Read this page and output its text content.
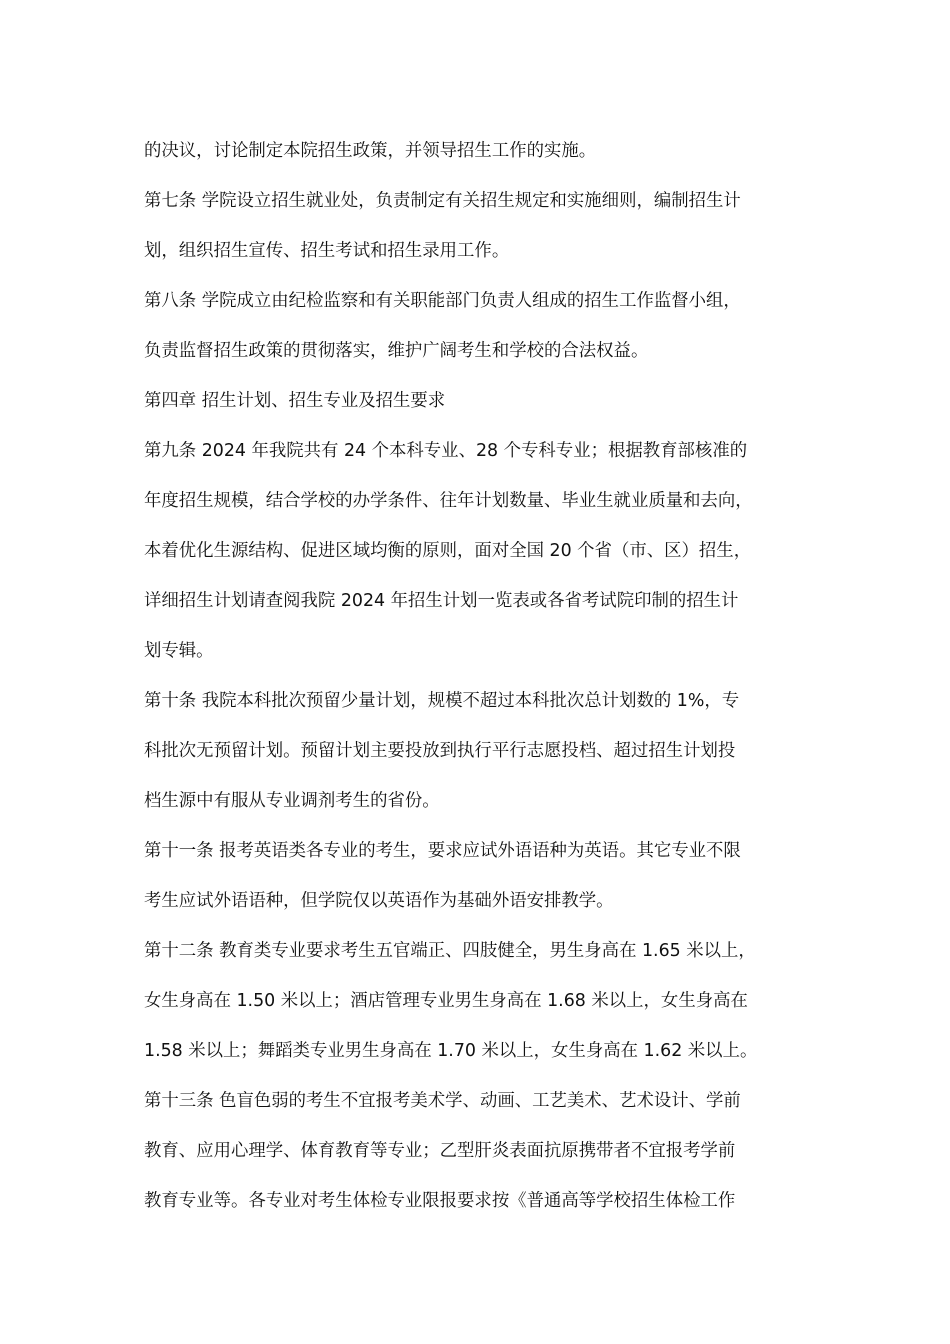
的决议，讨论制定本院招生政策，并领导招生工作的实施。
第七条 学院设立招生就业处，负责制定有关招生规定和实施细则，编制招生计
划，组织招生宣传、招生考试和招生录用工作。
第八条 学院成立由纪检监察和有关职能部门负责人组成的招生工作监督小组，
负责监督招生政策的贯彻落实，维护广阔考生和学校的合法权益。
第四章 招生计划、招生专业及招生要求
第九条 2024 年我院共有 24 个本科专业、28 个专科专业；根据教育部核准的
年度招生规模，结合学校的办学条件、往年计划数量、毕业生就业质量和去向，
本着优化生源结构、促进区域均衡的原则，面对全国 20 个省（市、区）招生，
详细招生计划请查阅我院 2024 年招生计划一览表或各省考试院印制的招生计
划专辑。
第十条 我院本科批次预留少量计划，规模不超过本科批次总计划数的 1%，专
科批次无预留计划。预留计划主要投放到执行平行志愿投档、超过招生计划投
档生源中有服从专业调剂考生的省份。
第十一条 报考英语类各专业的考生，要求应试外语语种为英语。其它专业不限
考生应试外语语种，但学院仅以英语作为基础外语安排教学。
第十二条 教育类专业要求考生五官端正、四肢健全，男生身高在 1.65 米以上，
女生身高在 1.50 米以上；酒店管理专业男生身高在 1.68 米以上，女生身高在
1.58 米以上；舞蹈类专业男生身高在 1.70 米以上，女生身高在 1.62 米以上。
第十三条 色盲色弱的考生不宜报考美术学、动画、工艺美术、艺术设计、学前
教育、应用心理学、体育教育等专业；乙型肝炎表面抗原携带者不宜报考学前
教育专业等。各专业对考生体检专业限报要求按《普通高等学校招生体检工作
